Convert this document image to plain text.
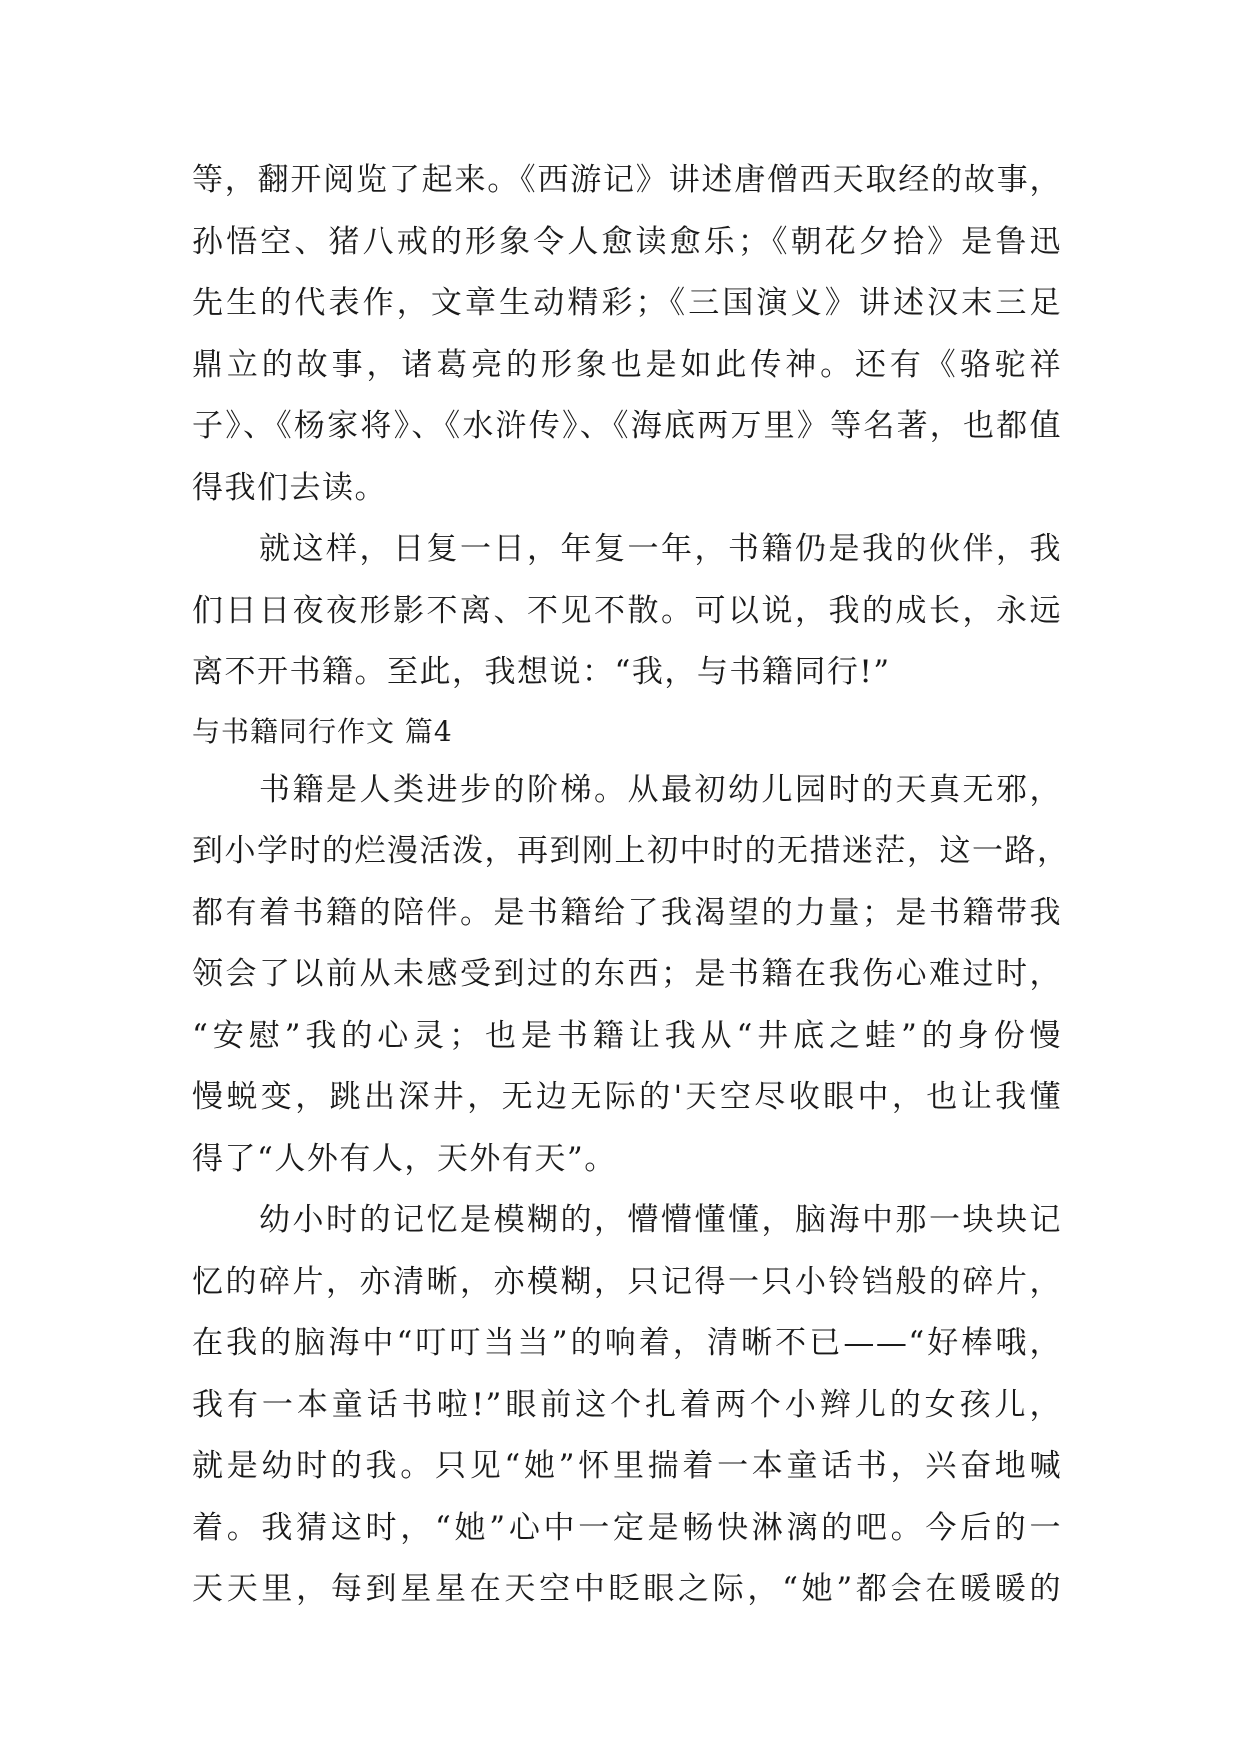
等，翻开阅览了起来。《西游记》讲述唐僧西天取经的故事，
孙悟空、猪八戒的形象令人愈读愈乐；《朝花夕拾》是鲁迅
先生的代表作，文章生动精彩；《三国演义》讲述汉末三足
鼎立的故事，诸葛亮的形象也是如此传神。还有《骆驼祥
子》、《杨家将》、《水浒传》、《海底两万里》等名著，也都值
得我们去读。
　　就这样，日复一日，年复一年，书籍仍是我的伙伴，我
们日日夜夜形影不离、不见不散。可以说，我的成长，永远
离不开书籍。至此，我想说：“我，与书籍同行!”
与书籍同行作文 篇4
　　书籍是人类进步的阶梯。从最初幼儿园时的天真无邪，
到小学时的烂漫活泼，再到刚上初中时的无措迷茫，这一路，
都有着书籍的陪伴。是书籍给了我渴望的力量；是书籍带我
领会了以前从未感受到过的东西；是书籍在我伤心难过时，
“安慰”我的心灵；也是书籍让我从“井底之蛙”的身份慢
慢蜕变，跳出深井，无边无际的'天空尽收眼中，也让我懂
得了“人外有人，天外有天”。
　　幼小时的记忆是模糊的，懵懵懂懂，脑海中那一块块记
忆的碎片，亦清晰，亦模糊，只记得一只小铃铛般的碎片，
在我的脑海中“叮叮当当”的响着，清晰不已——“好棒哦，
我有一本童话书啦!”眼前这个扎着两个小辫儿的女孩儿，
就是幼时的我。只见“她”怀里揣着一本童话书，兴奋地喊
着。我猜这时，“她”心中一定是畅快淋漓的吧。今后的一
天天里，每到星星在天空中眨眼之际，“她”都会在暖暖的
